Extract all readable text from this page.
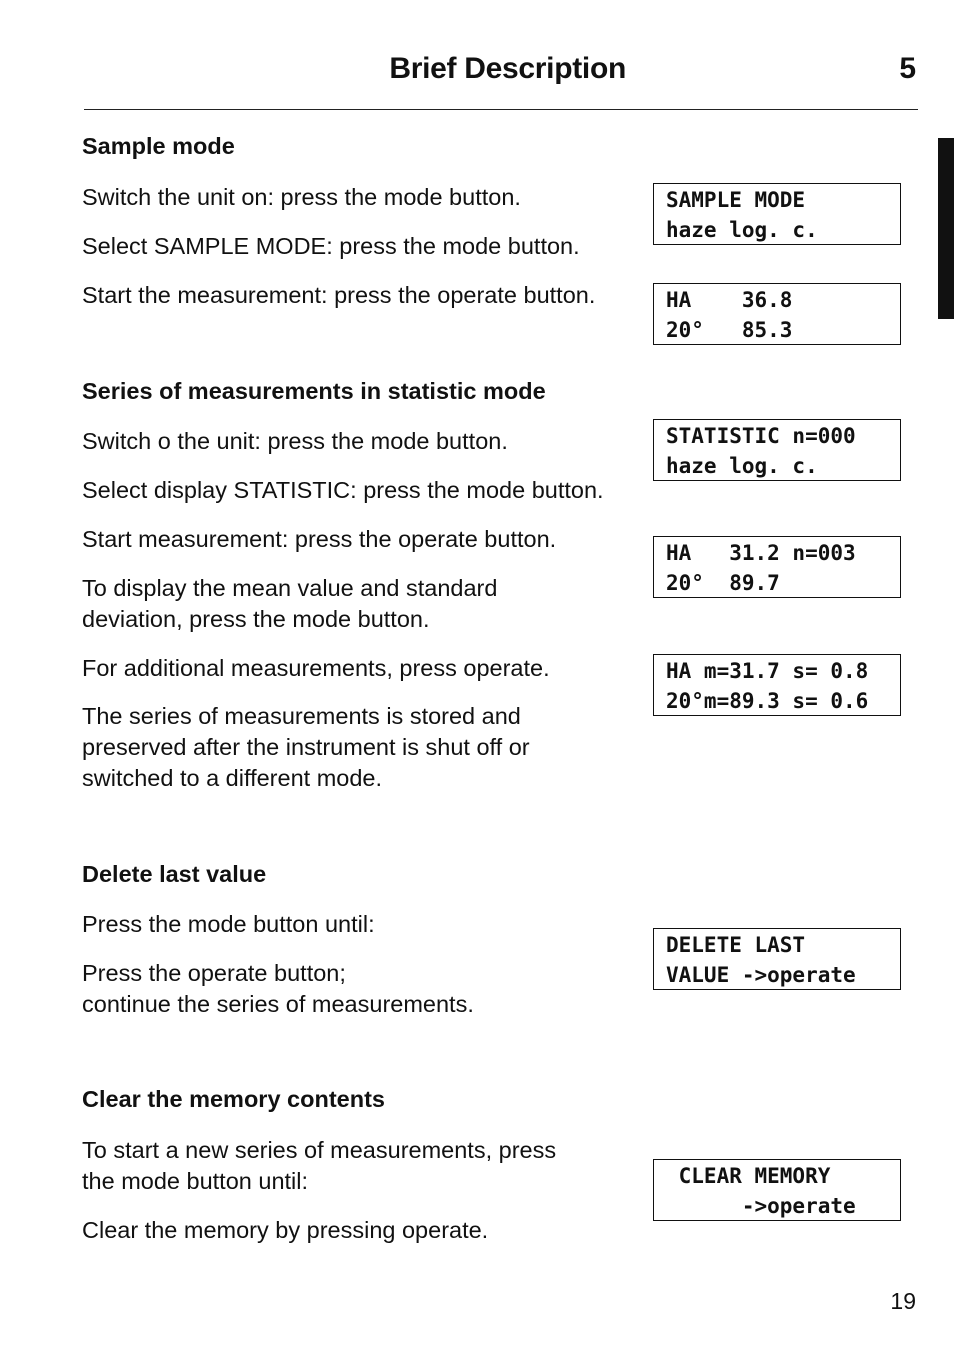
Brief Description	5
Sample mode
Switch the unit on: press the mode button.
Select SAMPLE MODE: press the mode button.
Start the measurement: press the operate button.
SAMPLE MODE
haze log. c.
HA    36.8
20°   85.3
Series of measurements in statistic mode
Switch o the unit: press the mode button.
Select display STATISTIC: press the mode button.
Start measurement: press the operate button.
To display the mean value and standard
deviation, press the mode button.
For additional measurements, press operate.
The series of measurements is stored and
preserved after the instrument is shut off or
switched to a different mode.
STATISTIC n=000
haze log. c.
HA   31.2 n=003
20°  89.7
HA m=31.7 s= 0.8
20°m=89.3 s= 0.6
Delete last value
Press the mode button until:
Press the operate button;
continue the series of measurements.
DELETE LAST
VALUE ->operate
Clear the memory contents
To start a new series of measurements, press
the mode button until:
Clear the memory by pressing operate.
CLEAR MEMORY
->operate
19
